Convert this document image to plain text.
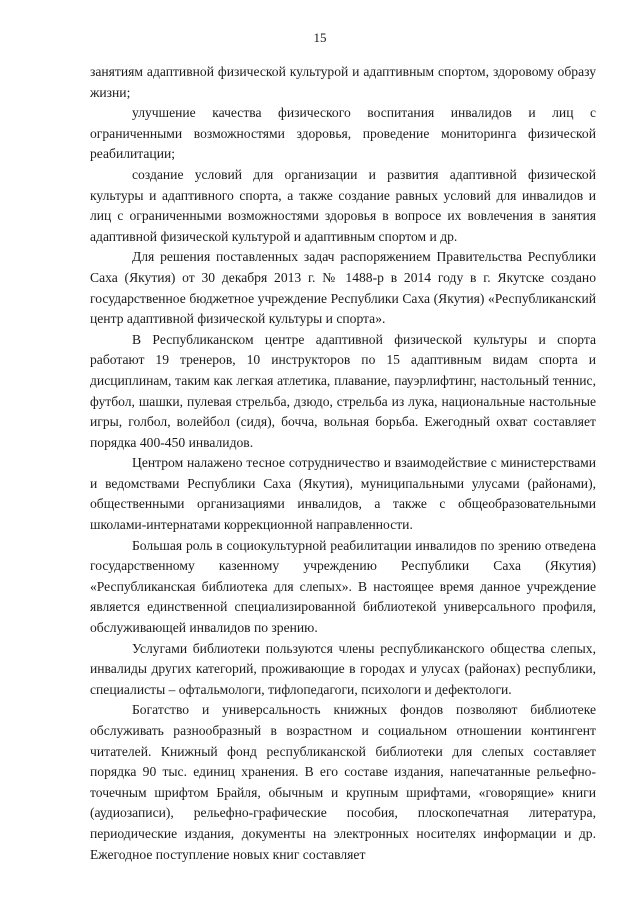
15

занятиям адаптивной физической культурой и адаптивным спортом, здоровому образу жизни;

улучшение качества физического воспитания инвалидов и лиц с ограниченными возможностями здоровья, проведение мониторинга физической реабилитации;

создание условий для организации и развития адаптивной физической культуры и адаптивного спорта, а также создание равных условий для инвалидов и лиц с ограниченными возможностями здоровья в вопросе их вовлечения в занятия адаптивной физической культурой и адаптивным спортом и др.

Для решения поставленных задач распоряжением Правительства Республики Саха (Якутия) от 30 декабря 2013 г. № 1488-р в 2014 году в г. Якутске создано государственное бюджетное учреждение Республики Саха (Якутия) «Республиканский центр адаптивной физической культуры и спорта».

В Республиканском центре адаптивной физической культуры и спорта работают 19 тренеров, 10 инструкторов по 15 адаптивным видам спорта и дисциплинам, таким как легкая атлетика, плавание, пауэрлифтинг, настольный теннис, футбол, шашки, пулевая стрельба, дзюдо, стрельба из лука, национальные настольные игры, голбол, волейбол (сидя), бочча, вольная борьба. Ежегодный охват составляет порядка 400-450 инвалидов.

Центром налажено тесное сотрудничество и взаимодействие с министерствами и ведомствами Республики Саха (Якутия), муниципальными улусами (районами), общественными организациями инвалидов, а также с общеобразовательными школами-интернатами коррекционной направленности.

Большая роль в социокультурной реабилитации инвалидов по зрению отведена государственному казенному учреждению Республики Саха (Якутия) «Республиканская библиотека для слепых». В настоящее время данное учреждение является единственной специализированной библиотекой универсального профиля, обслуживающей инвалидов по зрению.

Услугами библиотеки пользуются члены республиканского общества слепых, инвалиды других категорий, проживающие в городах и улусах (районах) республики, специалисты – офтальмологи, тифлопедагоги, психологи и дефектологи.

Богатство и универсальность книжных фондов позволяют библиотеке обслуживать разнообразный в возрастном и социальном отношении контингент читателей. Книжный фонд республиканской библиотеки для слепых составляет порядка 90 тыс. единиц хранения. В его составе издания, напечатанные рельефно-точечным шрифтом Брайля, обычным и крупным шрифтами, «говорящие» книги (аудиозаписи), рельефно-графические пособия, плоскопечатная литература, периодические издания, документы на электронных носителях информации и др. Ежегодное поступление новых книг составляет
